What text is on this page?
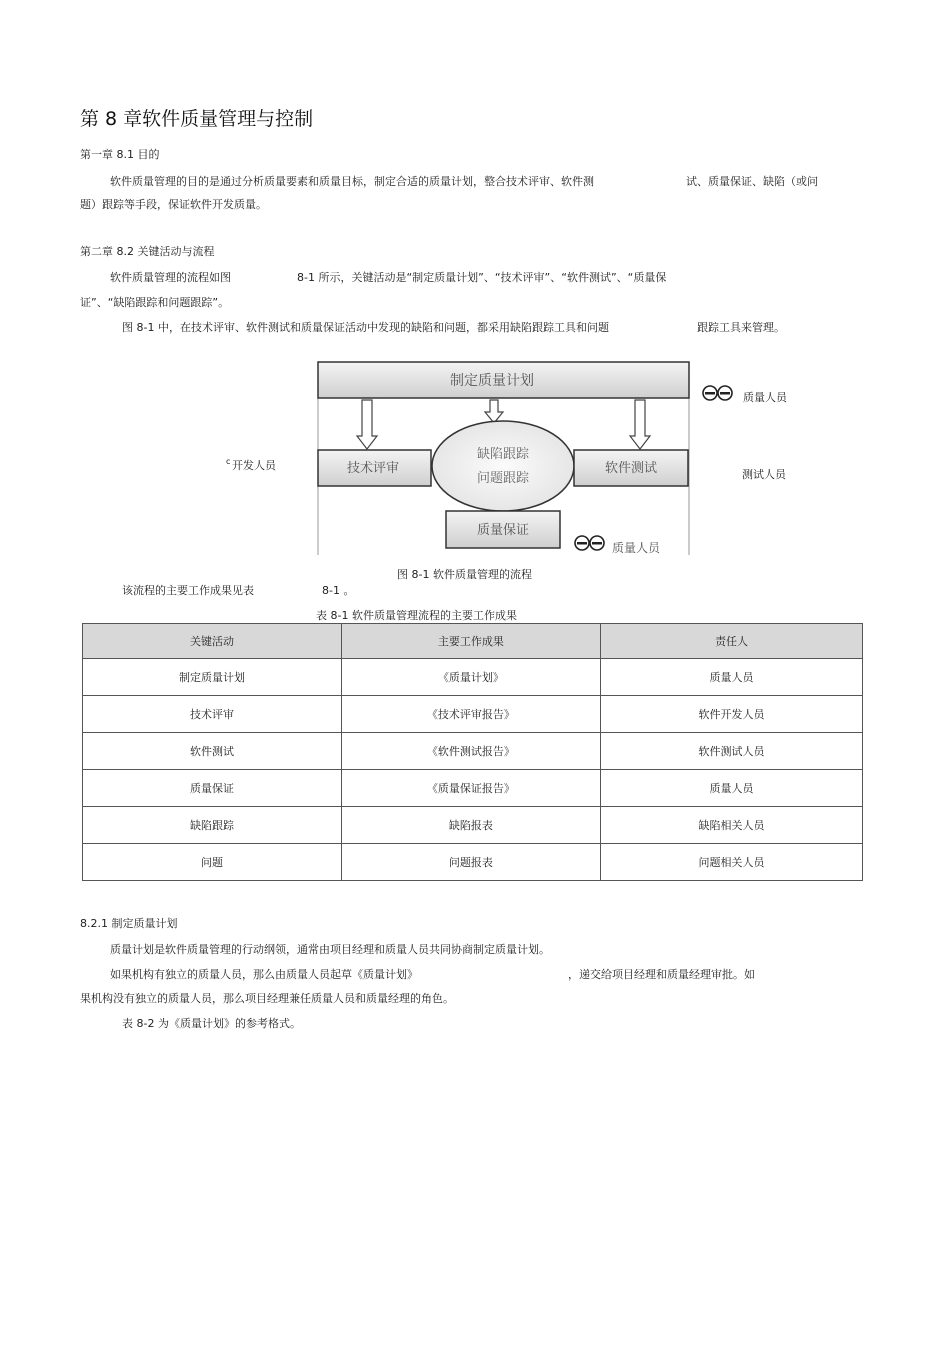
第 8 章软件质量管理与控制
第一章 8.1 目的
软件质量管理的目的是通过分析质量要素和质量目标，制定合适的质量计划，整合技术评审、软件测	试、质量保证、缺陷（或问
题）跟踪等手段，保证软件开发质量。
第二章 8.2 关键活动与流程
软件质量管理的流程如图	8-1 所示，关键活动是“制定质量计划”、“技术评审”、“软件测试”、“质量保
证”、“缺陷跟踪和问题跟踪”。
图 8-1 中，在技术评审、软件测试和质量保证活动中发现的缺陷和问题，都采用缺陷跟踪工具和问题	跟踪工具来管理。
制定质量计划
技术评审
缺陷跟踪
问题跟踪
软件测试
质量保证
质量人员
c 开发人员
测试人员
质量人员
图 8-1 软件质量管理的流程
该流程的主要工作成果见表	8-1 。
表 8-1 软件质量管理流程的主要工作成果
关键活动	主要工作成果	责任人
制定质量计划	《质量计划》	质量人员
技术评审	《技术评审报告》	软件开发人员
软件测试	《软件测试报告》	软件测试人员
质量保证	《质量保证报告》	质量人员
缺陷跟踪	缺陷报表	缺陷相关人员
问题	问题报表	问题相关人员
8.2.1 制定质量计划
质量计划是软件质量管理的行动纲领，通常由项目经理和质量人员共同协商制定质量计划。
如果机构有独立的质量人员，那么由质量人员起草《质量计划》	，递交给项目经理和质量经理审批。如
果机构没有独立的质量人员，那么项目经理兼任质量人员和质量经理的角色。
表 8-2 为《质量计划》的参考格式。
